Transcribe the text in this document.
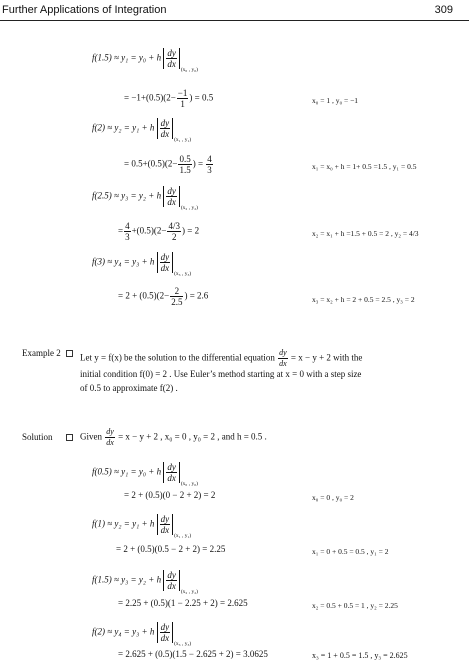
Further Applications of Integration	309
f(1.5) ≈ y₁ = y₀ + h $\frac{dy}{dx}$
$_{(x_0 , y_0)}$
= $-1+(0.5)(2- \frac{-1}{1}$ ) = 0.5	x₀ = 1 , y₀ = −1
f(2) ≈ y₂ = y₁ + h $\frac{dy}{dx}$
$_{(x_1 , y_1)}$
= $0.5+(0.5)(2- \frac{0.5}{1.5}$ ) = $\frac{4}{3}$	x₁ = x₀ + h = 1+ 0.5 =1.5 , y₁ = 0.5
f(2.5) ≈ y₃ = y₂ + h $\frac{dy}{dx}$
$_{(x_2 , y_2)}$
= $\frac{4}{3} +(0.5)(2- \frac{4/3}{2}$ ) = 2	x₂ = x₁ + h =1.5 + 0.5 = 2 , y₂ = 4/3
f(3) ≈ y₄ = y₃ + h $\frac{dy}{dx}$
$_{(x_3 , y_3)}$
= $2 + (0.5)(2- \frac{2}{2.5}$ ) = 2.6	x₃ = x₂ + h = 2 + 0.5 = 2.5 , y₃ = 2
Example 2 Let y = f(x) be the solution to the differential equation $\frac{dy}{dx} = x - y + 2$ with the
initial condition f(0) = 2 . Use Euler’s method starting at x = 0 with a step size
of 0.5 to approximate f(2) .
Solution	Given $\frac{dy}{dx} = x - y + 2$ , x₀ = 0 , y₀ = 2 , and h = 0.5 .
f(0.5) ≈ y₁ = y₀ + h $\frac{dy}{dx}$
$_{(x_0 , y_0)}$
= 2 + (0.5)(0 − 2 + 2) = 2	x₀ = 0 , y₀ = 2
f(1) ≈ y₂ = y₁ + h $\frac{dy}{dx}$
$_{(x_1 , y_1)}$
= 2 + (0.5)(0.5 − 2 + 2) = 2.25	x₁ = 0 + 0.5 = 0.5 , y₁ = 2
f(1.5) ≈ y₃ = y₂ + h $\frac{dy}{dx}$
$_{(x_2 , y_2)}$
= 2.25 + (0.5)(1 − 2.25 + 2) = 2.625	x₂ = 0.5 + 0.5 = 1 , y₂ = 2.25
f(2) ≈ y₄ = y₃ + h $\frac{dy}{dx}$
$_{(x_3 , y_3)}$
= 2.625 + (0.5)(1.5 − 2.625 + 2) = 3.0625	x₃ = 1 + 0.5 = 1.5 , y₃ = 2.625
